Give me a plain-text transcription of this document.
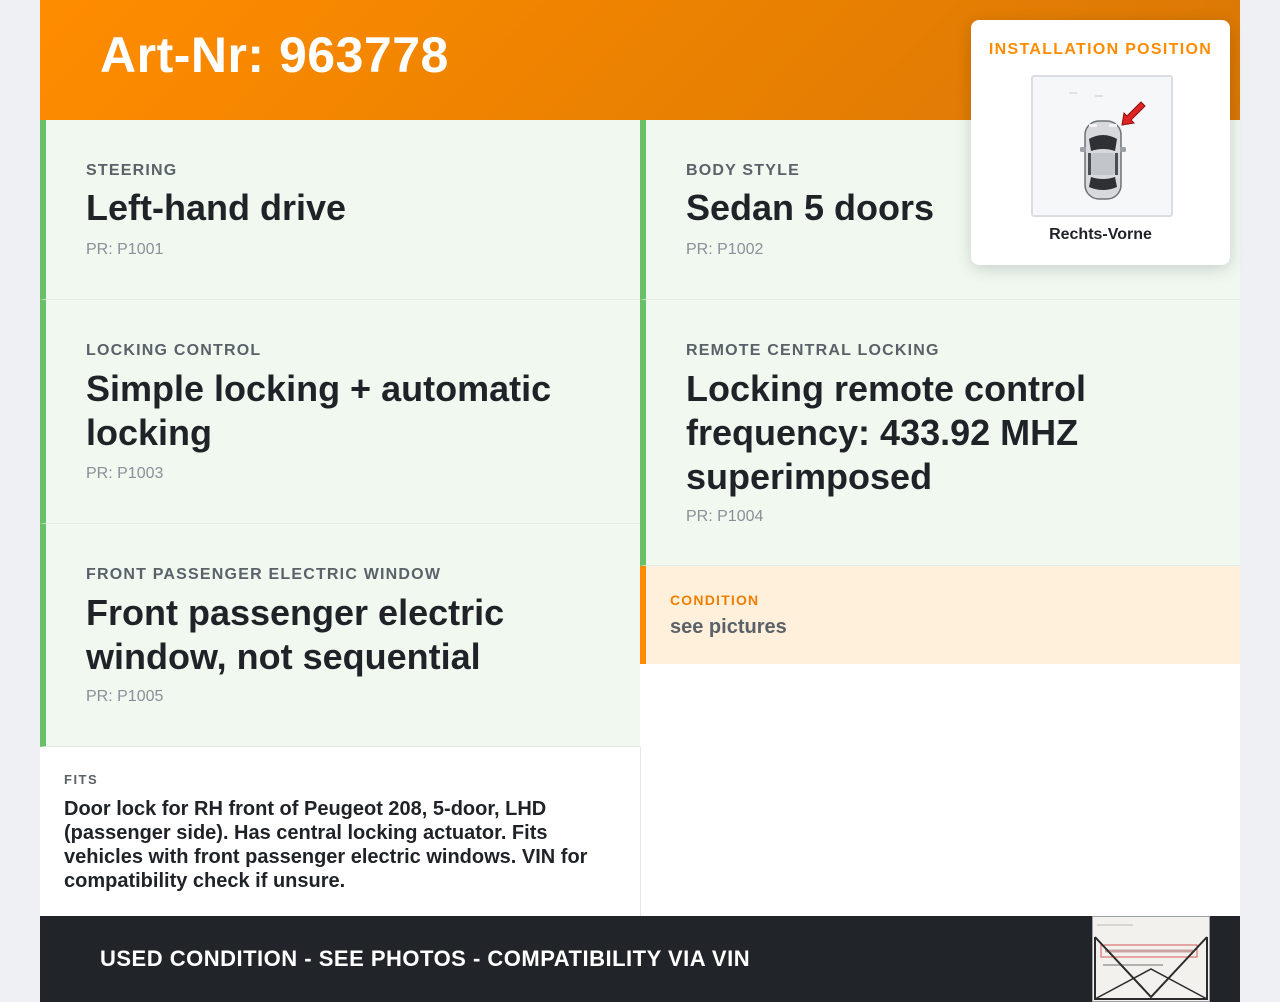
Art-Nr: 963778
STEERING
Left-hand drive
PR: P1001
BODY STYLE
Sedan 5 doors
PR: P1002
LOCKING CONTROL
Simple locking + automatic locking
PR: P1003
REMOTE CENTRAL LOCKING
Locking remote control frequency: 433.92 MHZ superimposed
PR: P1004
FRONT PASSENGER ELECTRIC WINDOW
Front passenger electric window, not sequential
PR: P1005
CONDITION
see pictures
FITS
Door lock for RH front of Peugeot 208, 5-door, LHD (passenger side). Has central locking actuator. Fits vehicles with front passenger electric windows. VIN for compatibility check if unsure.
USED CONDITION - SEE PHOTOS - COMPATIBILITY VIA VIN
INSTALLATION POSITION
Rechts-Vorne
